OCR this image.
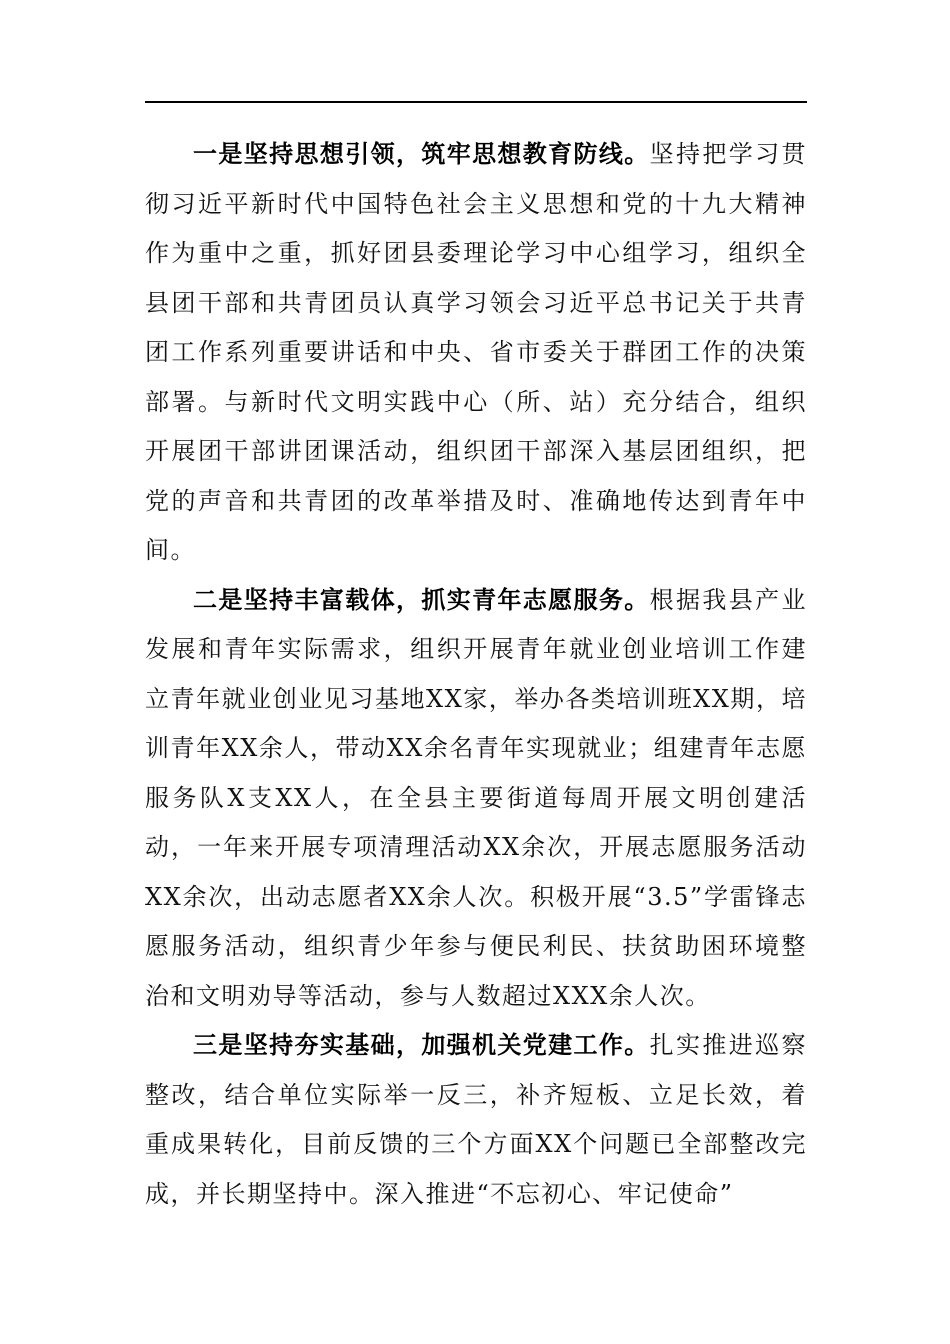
一是坚持思想引领，筑牢思想教育防线。坚持把学习贯彻习近平新时代中国特色社会主义思想和党的十九大精神作为重中之重，抓好团县委理论学习中心组学习，组织全县团干部和共青团员认真学习领会习近平总书记关于共青团工作系列重要讲话和中央、省市委关于群团工作的决策部署。与新时代文明实践中心（所、站）充分结合，组织开展团干部讲团课活动，组织团干部深入基层团组织，把党的声音和共青团的改革举措及时、准确地传达到青年中间。

二是坚持丰富载体，抓实青年志愿服务。根据我县产业发展和青年实际需求，组织开展青年就业创业培训工作建立青年就业创业见习基地XX家，举办各类培训班XX期，培训青年XX余人，带动XX余名青年实现就业；组建青年志愿服务队X支XX人，在全县主要街道每周开展文明创建活动，一年来开展专项清理活动XX余次，开展志愿服务活动XX余次，出动志愿者XX余人次。积极开展“3.5”学雷锋志愿服务活动，组织青少年参与便民利民、扶贫助困环境整治和文明劝导等活动，参与人数超过XXX余人次。

三是坚持夯实基础，加强机关党建工作。扎实推进巡察整改，结合单位实际举一反三，补齐短板、立足长效，着重成果转化，目前反馈的三个方面XX个问题已全部整改完成，并长期坚持中。深入推进“不忘初心、牢记使命”
